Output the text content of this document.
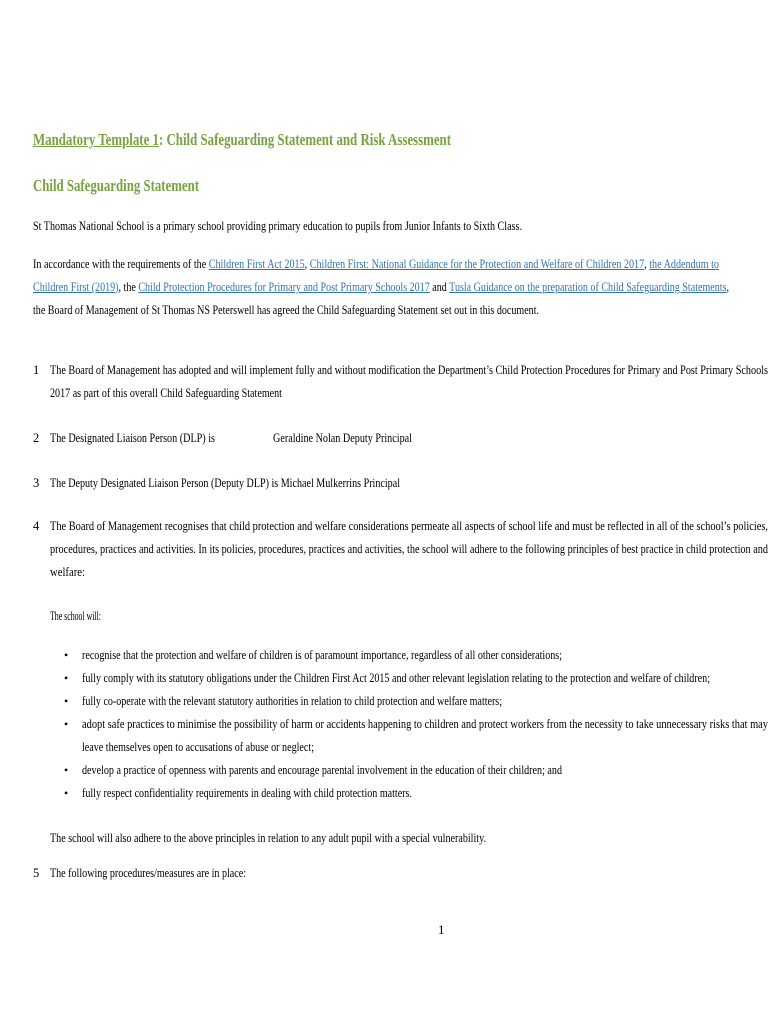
Mandatory Template 1: Child Safeguarding Statement and Risk Assessment
Child Safeguarding Statement
St Thomas National School is a primary school providing primary education to pupils from Junior Infants to Sixth Class.
In accordance with the requirements of the Children First Act 2015, Children First: National Guidance for the Protection and Welfare of Children 2017, the Addendum to
Children First (2019), the Child Protection Procedures for Primary and Post Primary Schools 2017 and Tusla Guidance on the preparation of Child Safeguarding Statements,
the Board of Management of St Thomas NS Peterswell has agreed the Child Safeguarding Statement set out in this document.
1 The Board of Management has adopted and will implement fully and without modification the Department’s Child Protection Procedures for Primary and Post Primary Schools
2017 as part of this overall Child Safeguarding Statement
2 The Designated Liaison Person (DLP) is	Geraldine Nolan Deputy Principal
3 The Deputy Designated Liaison Person (Deputy DLP) is Michael Mulkerrins Principal
4 The Board of Management recognises that child protection and welfare considerations permeate all aspects of school life and must be reflected in all of the school’s policies,
procedures, practices and activities. In its policies, procedures, practices and activities, the school will adhere to the following principles of best practice in child protection and
welfare:
The school will:
• recognise that the protection and welfare of children is of paramount importance, regardless of all other considerations;
• fully comply with its statutory obligations under the Children First Act 2015 and other relevant legislation relating to the protection and welfare of children;
• fully co-operate with the relevant statutory authorities in relation to child protection and welfare matters;
• adopt safe practices to minimise the possibility of harm or accidents happening to children and protect workers from the necessity to take unnecessary risks that may
leave themselves open to accusations of abuse or neglect;
• develop a practice of openness with parents and encourage parental involvement in the education of their children; and
• fully respect confidentiality requirements in dealing with child protection matters.
The school will also adhere to the above principles in relation to any adult pupil with a special vulnerability.
5 The following procedures/measures are in place:
1
